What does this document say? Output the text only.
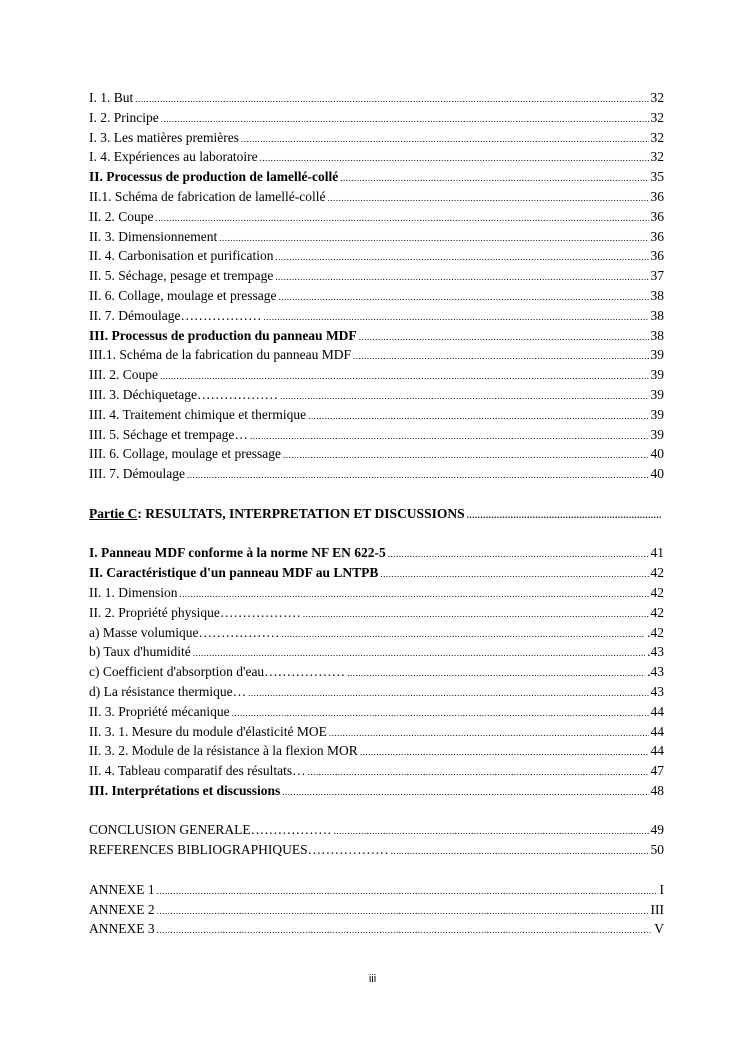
I. 1. But .....	32
I. 2. Principe .....	32
I. 3. Les matières premières .....	32
I. 4. Expériences au laboratoire .....	32
II. Processus de production de lamellé-collé .....	35
II.1. Schéma de fabrication de lamellé-collé .....	36
II. 2. Coupe .....	36
II. 3. Dimensionnement .....	36
II. 4. Carbonisation et purification .....	36
II. 5. Séchage, pesage et trempage .....	37
II. 6. Collage, moulage et pressage .....	38
II. 7. Démoulage……………… .....	38
III. Processus de production du panneau MDF .....	38
III.1. Schéma de la fabrication du panneau MDF .....	39
III. 2. Coupe .....	39
III. 3. Déchiquetage……………… .....	39
III. 4. Traitement chimique et thermique .....	39
III. 5. Séchage et trempage… .....	39
III. 6. Collage, moulage et pressage .....	40
III. 7. Démoulage .....	40
Partie C: RESULTATS, INTERPRETATION ET DISCUSSIONS
.....
I. Panneau MDF conforme à la norme NF EN 622-5 .....	41
II. Caractéristique d'un panneau MDF au LNTPB .....	42
II. 1. Dimension .....	42
II. 2. Propriété physique……………… .....	42
a) Masse volumique……………… .....	.42
b) Taux d'humidité .....	.43
c) Coefficient d'absorption d'eau……………… .....	.43
d) La résistance thermique… .....	43
II. 3. Propriété mécanique .....	44
II. 3. 1. Mesure du module d'élasticité MOE .....	44
II. 3. 2. Module de la résistance à la flexion MOR .....	44
II. 4. Tableau comparatif des résultats… .....	47
III. Interprétations et discussions .....	48
CONCLUSION GENERALE……………… .....	49
REFERENCES BIBLIOGRAPHIQUES……………… .....	50
ANNEXE 1 .....	I
ANNEXE 2 .....	III
ANNEXE 3 .....	V
iii
